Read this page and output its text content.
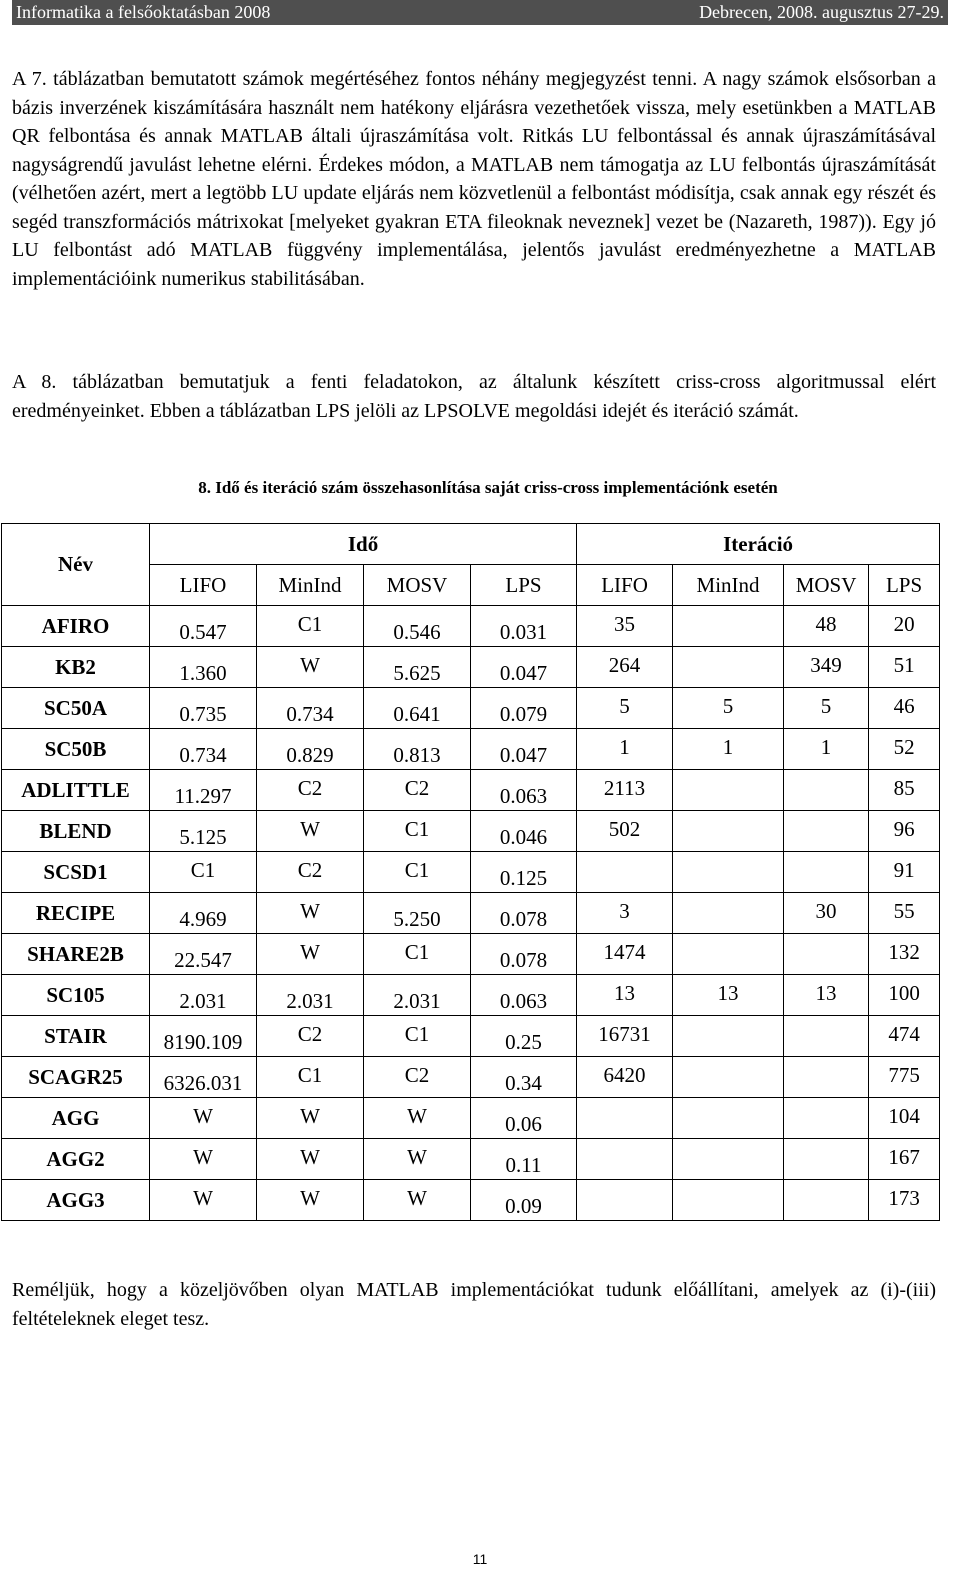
Informatika a felsőoktatásban 2008	Debrecen, 2008. augusztus 27-29.

A 7. táblázatban bemutatott számok megértéséhez fontos néhány megjegyzést tenni. A nagy számok elsősorban a bázis inverzének kiszámítására használt nem hatékony eljárásra vezethetőek vissza, mely esetünkben a MATLAB QR felbontása és annak MATLAB általi újraszámítása volt. Ritkás LU felbontással és annak újraszámításával nagyságrendű javulást lehetne elérni. Érdekes módon, a MATLAB nem támogatja az LU felbontás újraszámítását (vélhetően azért, mert a legtöbb LU update eljárás nem közvetlenül a felbontást módisítja, csak annak egy részét és segéd transzformációs mátrixokat [melyeket gyakran ETA fileoknak neveznek] vezet be (Nazareth, 1987)). Egy jó LU felbontást adó MATLAB függvény implementálása, jelentős javulást eredményezhetne a MATLAB implementációink numerikus stabilitásában.

A 8. táblázatban bemutatjuk a fenti feladatokon, az általunk készített criss-cross algoritmussal elért eredményeinket. Ebben a táblázatban LPS jelöli az LPSOLVE megoldási idejét és iteráció számát.

8. Idő és iteráció szám összehasonlítása saját criss-cross implementációnk esetén
Név	Idő				Iteráció			
	LIFO	MinInd	MOSV	LPS	LIFO	MinInd	MOSV	LPS
AFIRO	0.547	C1	0.546	0.031	35		48	20
KB2	1.360	W	5.625	0.047	264		349	51
SC50A	0.735	0.734	0.641	0.079	5	5	5	46
SC50B	0.734	0.829	0.813	0.047	1	1	1	52
ADLITTLE	11.297	C2	C2	0.063	2113			85
BLEND	5.125	W	C1	0.046	502			96
SCSD1	C1	C2	C1	0.125				91
RECIPE	4.969	W	5.250	0.078	3		30	55
SHARE2B	22.547	W	C1	0.078	1474			132
SC105	2.031	2.031	2.031	0.063	13	13	13	100
STAIR	8190.109	C2	C1	0.25	16731			474
SCAGR25	6326.031	C1	C2	0.34	6420			775
AGG	W	W	W	0.06				104
AGG2	W	W	W	0.11				167
AGG3	W	W	W	0.09				173

Reméljük, hogy a közeljövőben olyan MATLAB implementációkat tudunk előállítani, amelyek az (i)-(iii) feltételeknek eleget tesz.

11
